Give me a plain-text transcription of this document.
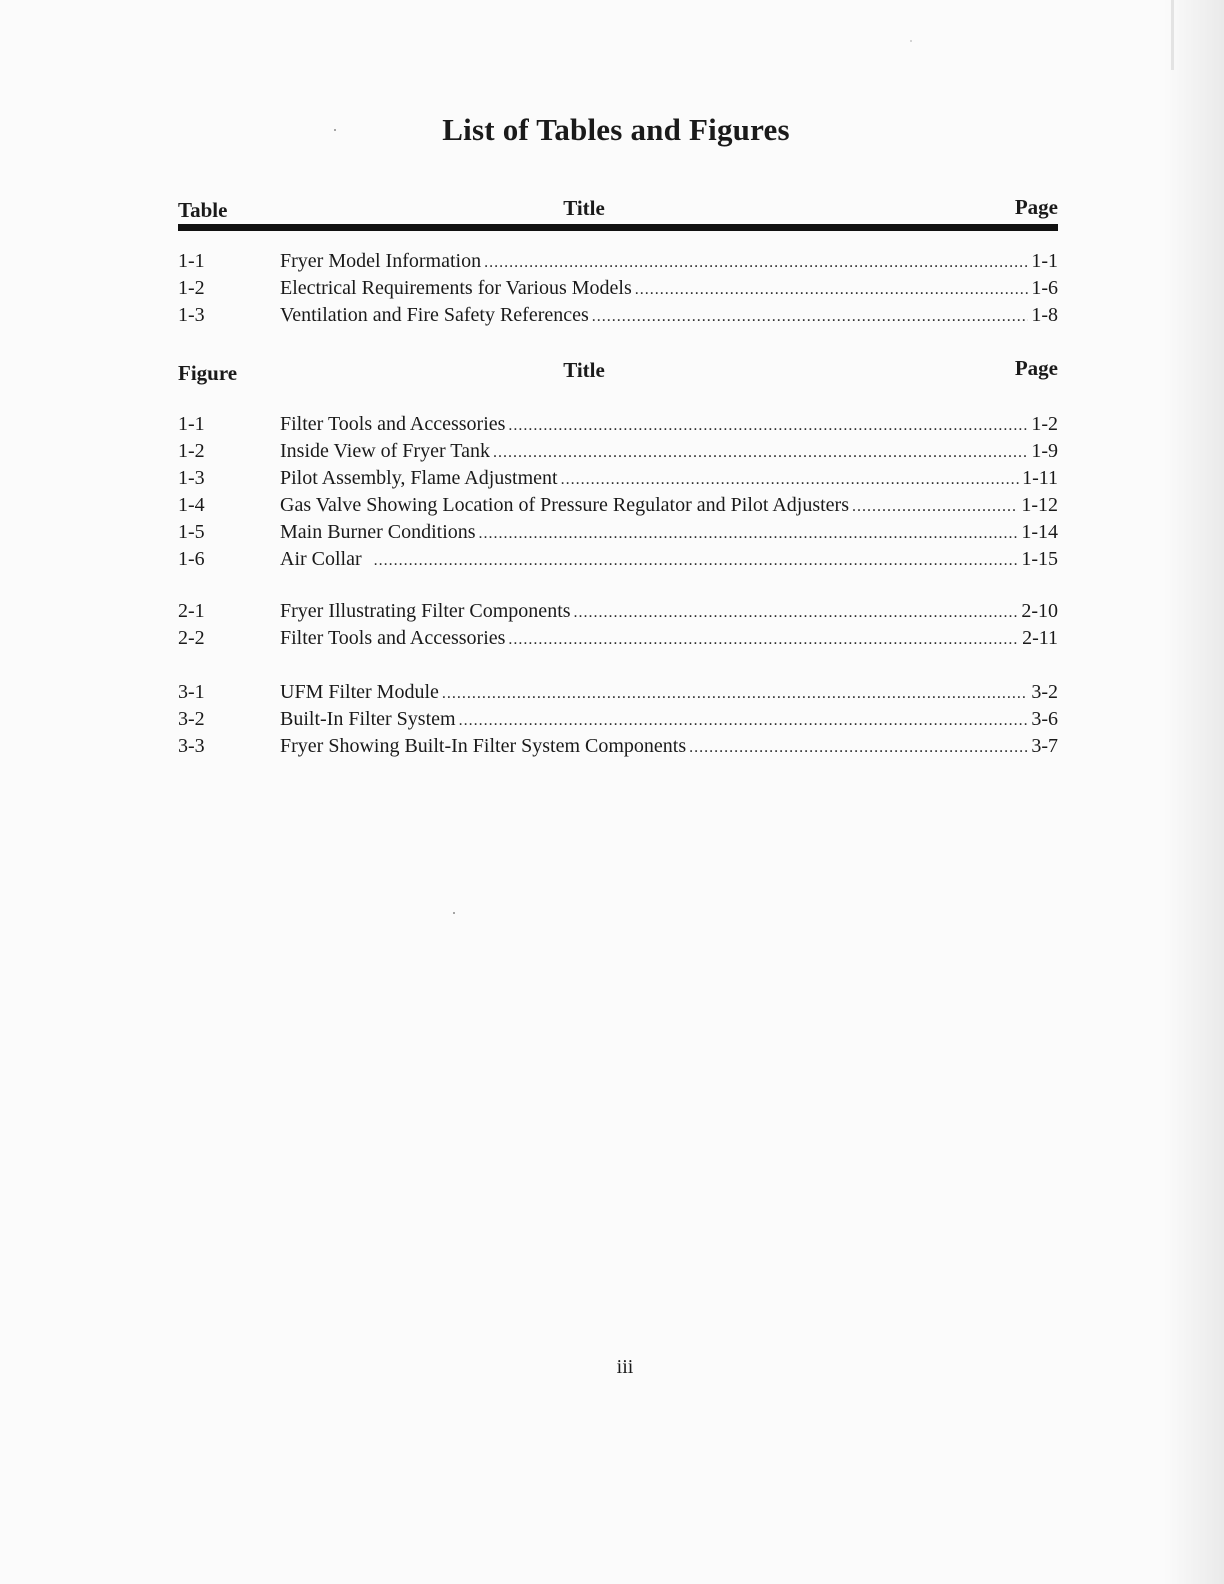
List of Tables and Figures
Table	Title	Page
1-1	Fryer Model Information .....	1-1
1-2	Electrical Requirements for Various Models .....	1-6
1-3	Ventilation and Fire Safety References .....	1-8
Figure	Title	Page
1-1	Filter Tools and Accessories .....	1-2
1-2	Inside View of Fryer Tank .....	1-9
1-3	Pilot Assembly, Flame Adjustment .....	1-11
1-4	Gas Valve Showing Location of Pressure Regulator and Pilot Adjusters .....	1-12
1-5	Main Burner Conditions .....	1-14
1-6	Air Collar .....	1-15
2-1	Fryer Illustrating Filter Components .....	2-10
2-2	Filter Tools and Accessories .....	2-11
3-1	UFM Filter Module .....	3-2
3-2	Built-In Filter System .....	3-6
3-3	Fryer Showing Built-In Filter System Components .....	3-7
iii
